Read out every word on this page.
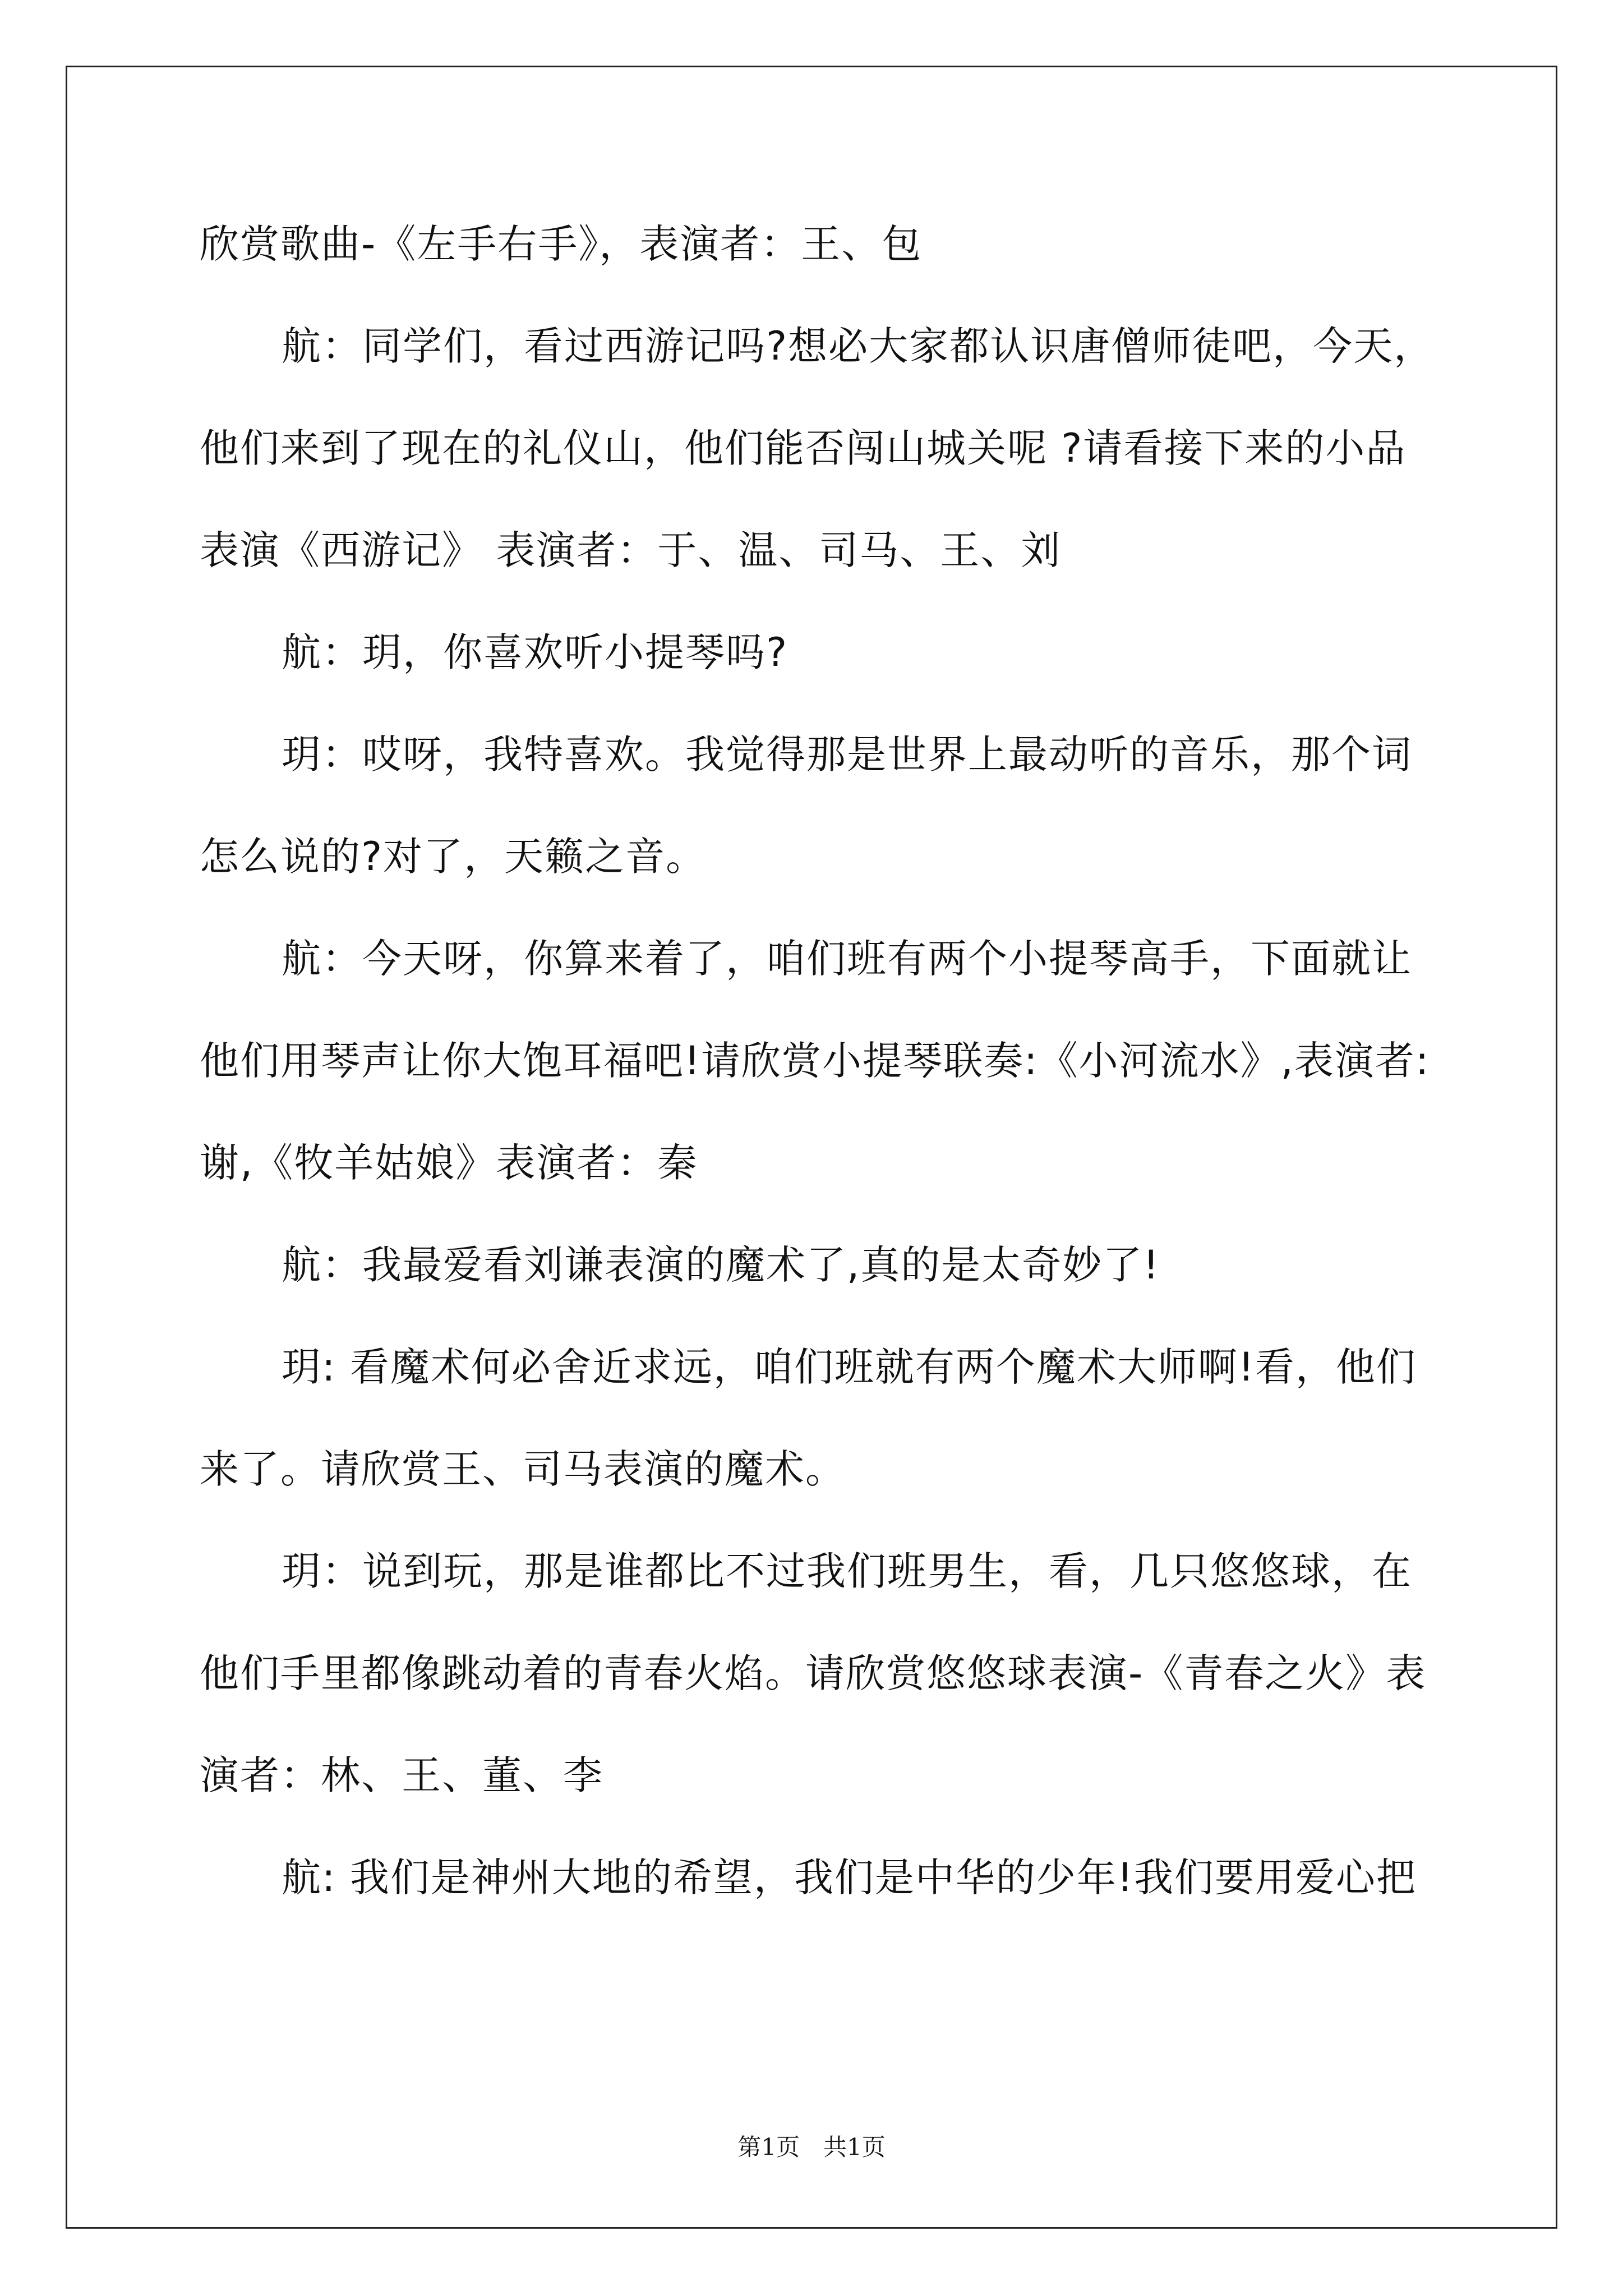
欣赏歌曲-《左手右手》，表演者：王、包
航：同学们，看过西游记吗?想必大家都认识唐僧师徒吧，今天，
他们来到了现在的礼仪山，他们能否闯山城关呢 ?请看接下来的小品
表演《西游记》 表演者：于、温、司马、王、刘
航：玥，你喜欢听小提琴吗?
玥：哎呀，我特喜欢。我觉得那是世界上最动听的音乐，那个词
怎么说的?对了，天籁之音。
航：今天呀，你算来着了，咱们班有两个小提琴高手，下面就让
他们用琴声让你大饱耳福吧!请欣赏小提琴联奏:《小河流水》,表演者:
谢,《牧羊姑娘》表演者：秦
航：我最爱看刘谦表演的魔术了,真的是太奇妙了!
玥: 看魔术何必舍近求远，咱们班就有两个魔术大师啊!看，他们
来了。请欣赏王、司马表演的魔术。
玥：说到玩，那是谁都比不过我们班男生，看，几只悠悠球，在
他们手里都像跳动着的青春火焰。请欣赏悠悠球表演-《青春之火》表
演者：林、王、董、李
航: 我们是神州大地的希望，我们是中华的少年!我们要用爱心把
第1页　共1页
